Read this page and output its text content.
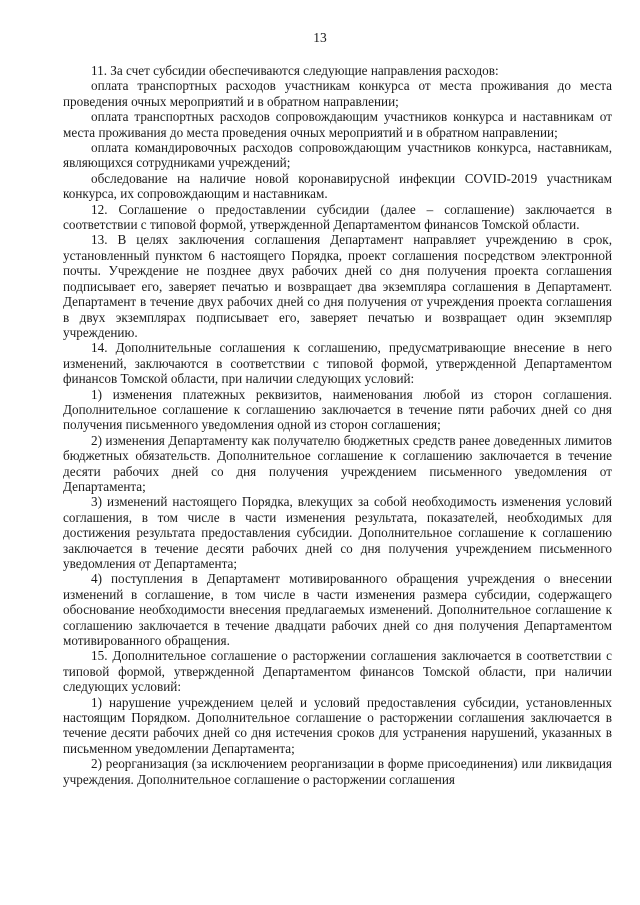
13

11. За счет субсидии обеспечиваются следующие направления расходов:

оплата транспортных расходов участникам конкурса от места проживания до места проведения очных мероприятий и в обратном направлении;

оплата транспортных расходов сопровождающим участников конкурса и наставникам от места проживания до места проведения очных мероприятий и в обратном направлении;

оплата командировочных расходов сопровождающим участников конкурса, наставникам, являющихся сотрудниками учреждений;

обследование на наличие новой коронавирусной инфекции COVID-2019 участникам конкурса, их сопровождающим и наставникам.

12. Соглашение о предоставлении субсидии (далее – соглашение) заключается в соответствии с типовой формой, утвержденной Департаментом финансов Томской области.

13. В целях заключения соглашения Департамент направляет учреждению в срок, установленный пунктом 6 настоящего Порядка, проект соглашения посредством электронной почты. Учреждение не позднее двух рабочих дней со дня получения проекта соглашения подписывает его, заверяет печатью и возвращает два экземпляра соглашения в Департамент. Департамент в течение двух рабочих дней со дня получения от учреждения проекта соглашения в двух экземплярах подписывает его, заверяет печатью и возвращает один экземпляр учреждению.

14. Дополнительные соглашения к соглашению, предусматривающие внесение в него изменений, заключаются в соответствии с типовой формой, утвержденной Департаментом финансов Томской области, при наличии следующих условий:

1) изменения платежных реквизитов, наименования любой из сторон соглашения. Дополнительное соглашение к соглашению заключается в течение пяти рабочих дней со дня получения письменного уведомления одной из сторон соглашения;

2) изменения Департаменту как получателю бюджетных средств ранее доведенных лимитов бюджетных обязательств. Дополнительное соглашение к соглашению заключается в течение десяти рабочих дней со дня получения учреждением письменного уведомления от Департамента;

3) изменений настоящего Порядка, влекущих за собой необходимость изменения условий соглашения, в том числе в части изменения результата, показателей, необходимых для достижения результата предоставления субсидии. Дополнительное соглашение к соглашению заключается в течение десяти рабочих дней со дня получения учреждением письменного уведомления от Департамента;

4) поступления в Департамент мотивированного обращения учреждения о внесении изменений в соглашение, в том числе в части изменения размера субсидии, содержащего обоснование необходимости внесения предлагаемых изменений. Дополнительное соглашение к соглашению заключается в течение двадцати рабочих дней со дня получения Департаментом мотивированного обращения.

15. Дополнительное соглашение о расторжении соглашения заключается в соответствии с типовой формой, утвержденной Департаментом финансов Томской области, при наличии следующих условий:

1) нарушение учреждением целей и условий предоставления субсидии, установленных настоящим Порядком. Дополнительное соглашение о расторжении соглашения заключается в течение десяти рабочих дней со дня истечения сроков для устранения нарушений, указанных в письменном уведомлении Департамента;

2) реорганизация (за исключением реорганизации в форме присоединения) или ликвидация учреждения. Дополнительное соглашение о расторжении соглашения
